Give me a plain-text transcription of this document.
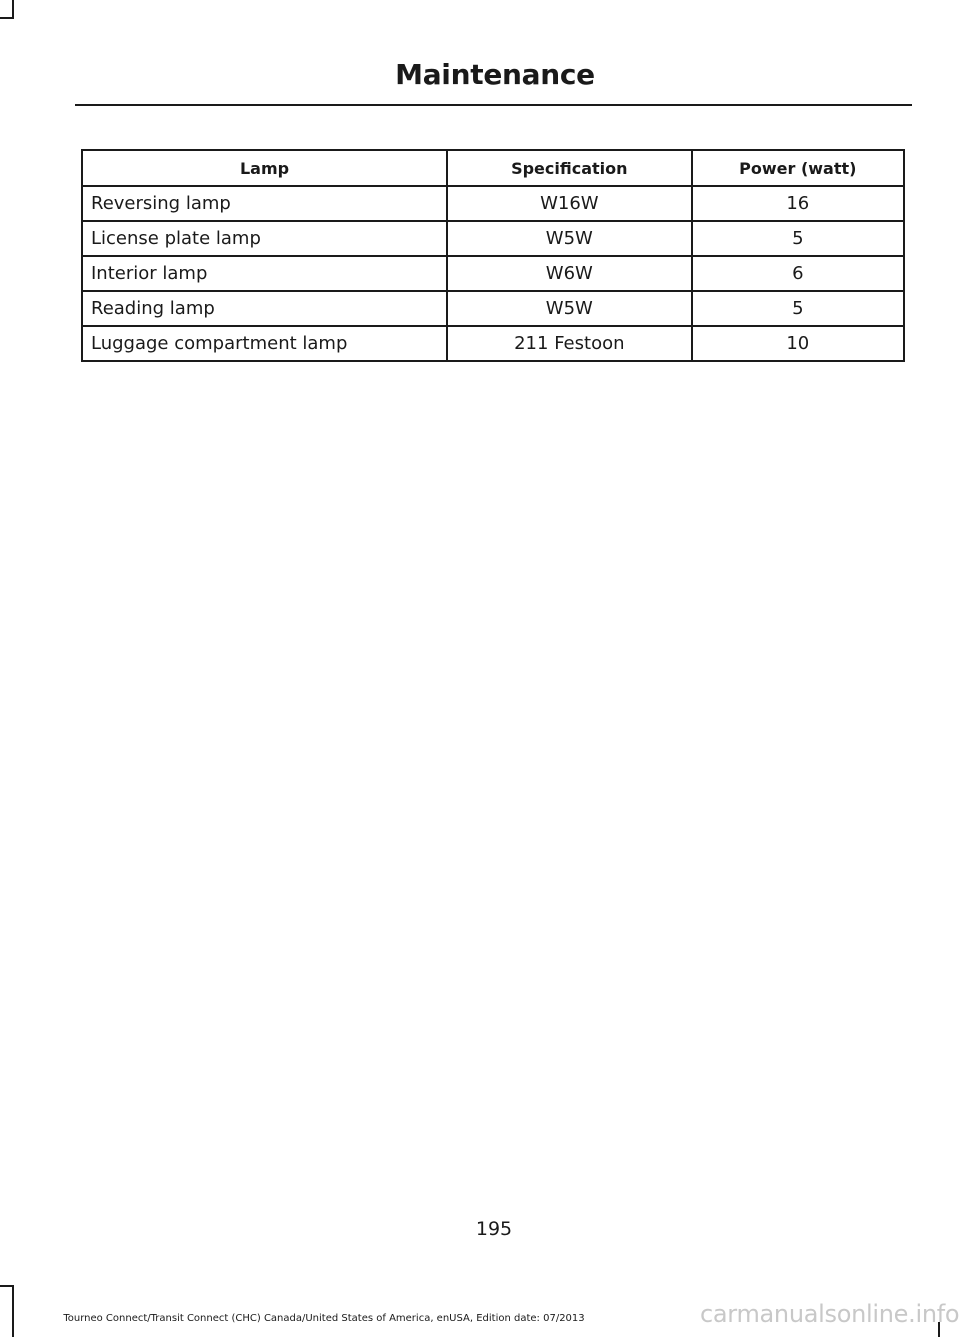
Maintenance
Lamp	Specification	Power (watt)
Reversing lamp	W16W	16
License plate lamp	W5W	5
Interior lamp	W6W	6
Reading lamp	W5W	5
Luggage compartment lamp	211 Festoon	10
195
Tourneo Connect/Transit Connect (CHC) Canada/United States of America, enUSA, Edition date: 07/2013	carmanualsonline.info
